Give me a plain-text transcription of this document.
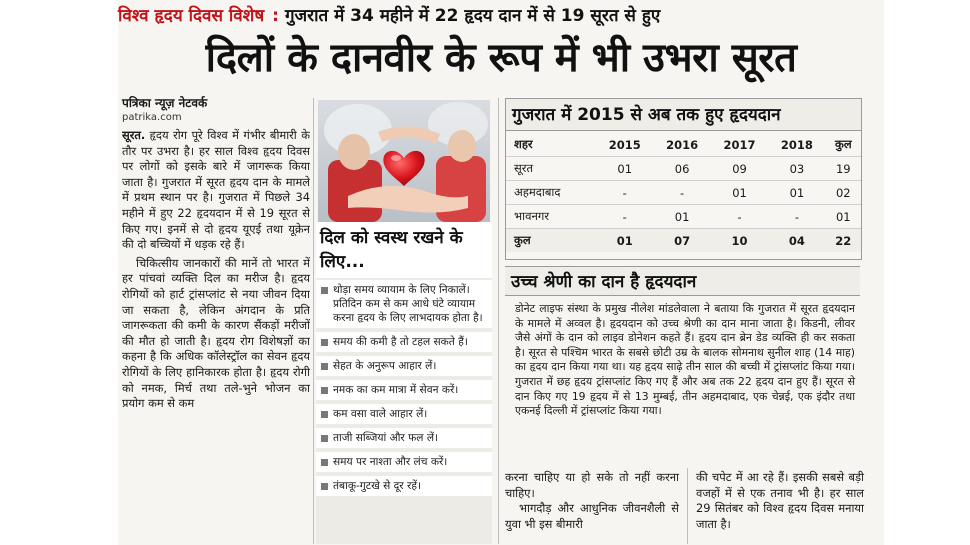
विश्व हृदय दिवस विशेष : गुजरात में 34 महीने में 22 हृदय दान में से 19 सूरत से हुए
दिलों के दानवीर के रूप में भी उभरा सूरत
पत्रिका न्यूज़ नेटवर्क
patrika.com

सूरत. हृदय रोग पूरे विश्व में गंभीर बीमारी के तौर पर उभरा है। हर साल विश्व हृदय दिवस पर लोगों को इसके बारे में जागरूक किया जाता है। गुजरात में सूरत हृदय दान के मामले में प्रथम स्थान पर है। गुजरात में पिछले 34 महीने में हुए 22 हृदयदान में से 19 सूरत से किए गए। इनमें से दो हृदय यूएई तथा यूक्रेन की दो बच्चियों में धड़क रहे हैं।

चिकित्सीय जानकारों की मानें तो भारत में हर पांचवां व्यक्ति दिल का मरीज है। हृदय रोगियों को हार्ट ट्रांसप्लांट से नया जीवन दिया जा सकता है, लेकिन अंगदान के प्रति जागरूकता की कमी के कारण सैंकड़ों मरीजों की मौत हो जाती है। हृदय रोग विशेषज्ञों का कहना है कि अधिक कॉलेस्ट्रॉल का सेवन हृदय रोगियों के लिए हानिकारक होता है। हृदय रोगी को नमक, मिर्च तथा तले-भुने भोजन का प्रयोग कम से कम

दिल को स्वस्थ रखने के लिए...
थोड़ा समय व्यायाम के लिए निकालें। प्रतिदिन कम से कम आधे घंटे व्यायाम करना हृदय के लिए लाभदायक होता है।
समय की कमी है तो टहल सकते हैं।
सेहत के अनुरूप आहार लें।
नमक का कम मात्रा में सेवन करें।
कम वसा वाले आहार लें।
ताजी सब्जियां और फल लें।
समय पर नाश्ता और लंच करें।
तंबाकू-गुटखे से दूर रहें।
गुजरात में 2015 से अब तक हुए हृदयदान
शहर	2015	2016	2017	2018	कुल
सूरत	01	06	09	03	19
अहमदाबाद	-	-	01	01	02
भावनगर	-	01	-	-	01
कुल	01	07	10	04	22
उच्च श्रेणी का दान है हृदयदान
डोनेट लाइफ संस्था के प्रमुख नीलेश मांडलेवाला ने बताया कि गुजरात में सूरत हृदयदान के मामले में अव्वल है। हृदयदान को उच्च श्रेणी का दान माना जाता है। किडनी, लीवर जैसे अंगों के दान को लाइव डोनेशन कहते हैं। हृदय दान ब्रेन डेड व्यक्ति ही कर सकता है। सूरत से पश्चिम भारत के सबसे छोटी उम्र के बालक सोमनाथ सुनील शाह (14 माह) का हृदय दान किया गया था। यह हृदय साढ़े तीन साल की बच्ची में ट्रांसप्लांट किया गया। गुजरात में छह हृदय ट्रांसप्लांट किए गए हैं और अब तक 22 हृदय दान हुए हैं। सूरत से दान किए गए 19 हृदय में से 13 मुम्बई, तीन अहमदाबाद, एक चेन्नई, एक इंदौर तथा एकनई दिल्ली में ट्रांसप्लांट किया गया।

करना चाहिए या हो सके तो नहीं करना चाहिए।

भागदौड़ और आधुनिक जीवनशैली से युवा भी इस बीमारी

की चपेट में आ रहे हैं। इसकी सबसे बड़ी वजहों में से एक तनाव भी है। हर साल 29 सितंबर को विश्व हृदय दिवस मनाया जाता है।
